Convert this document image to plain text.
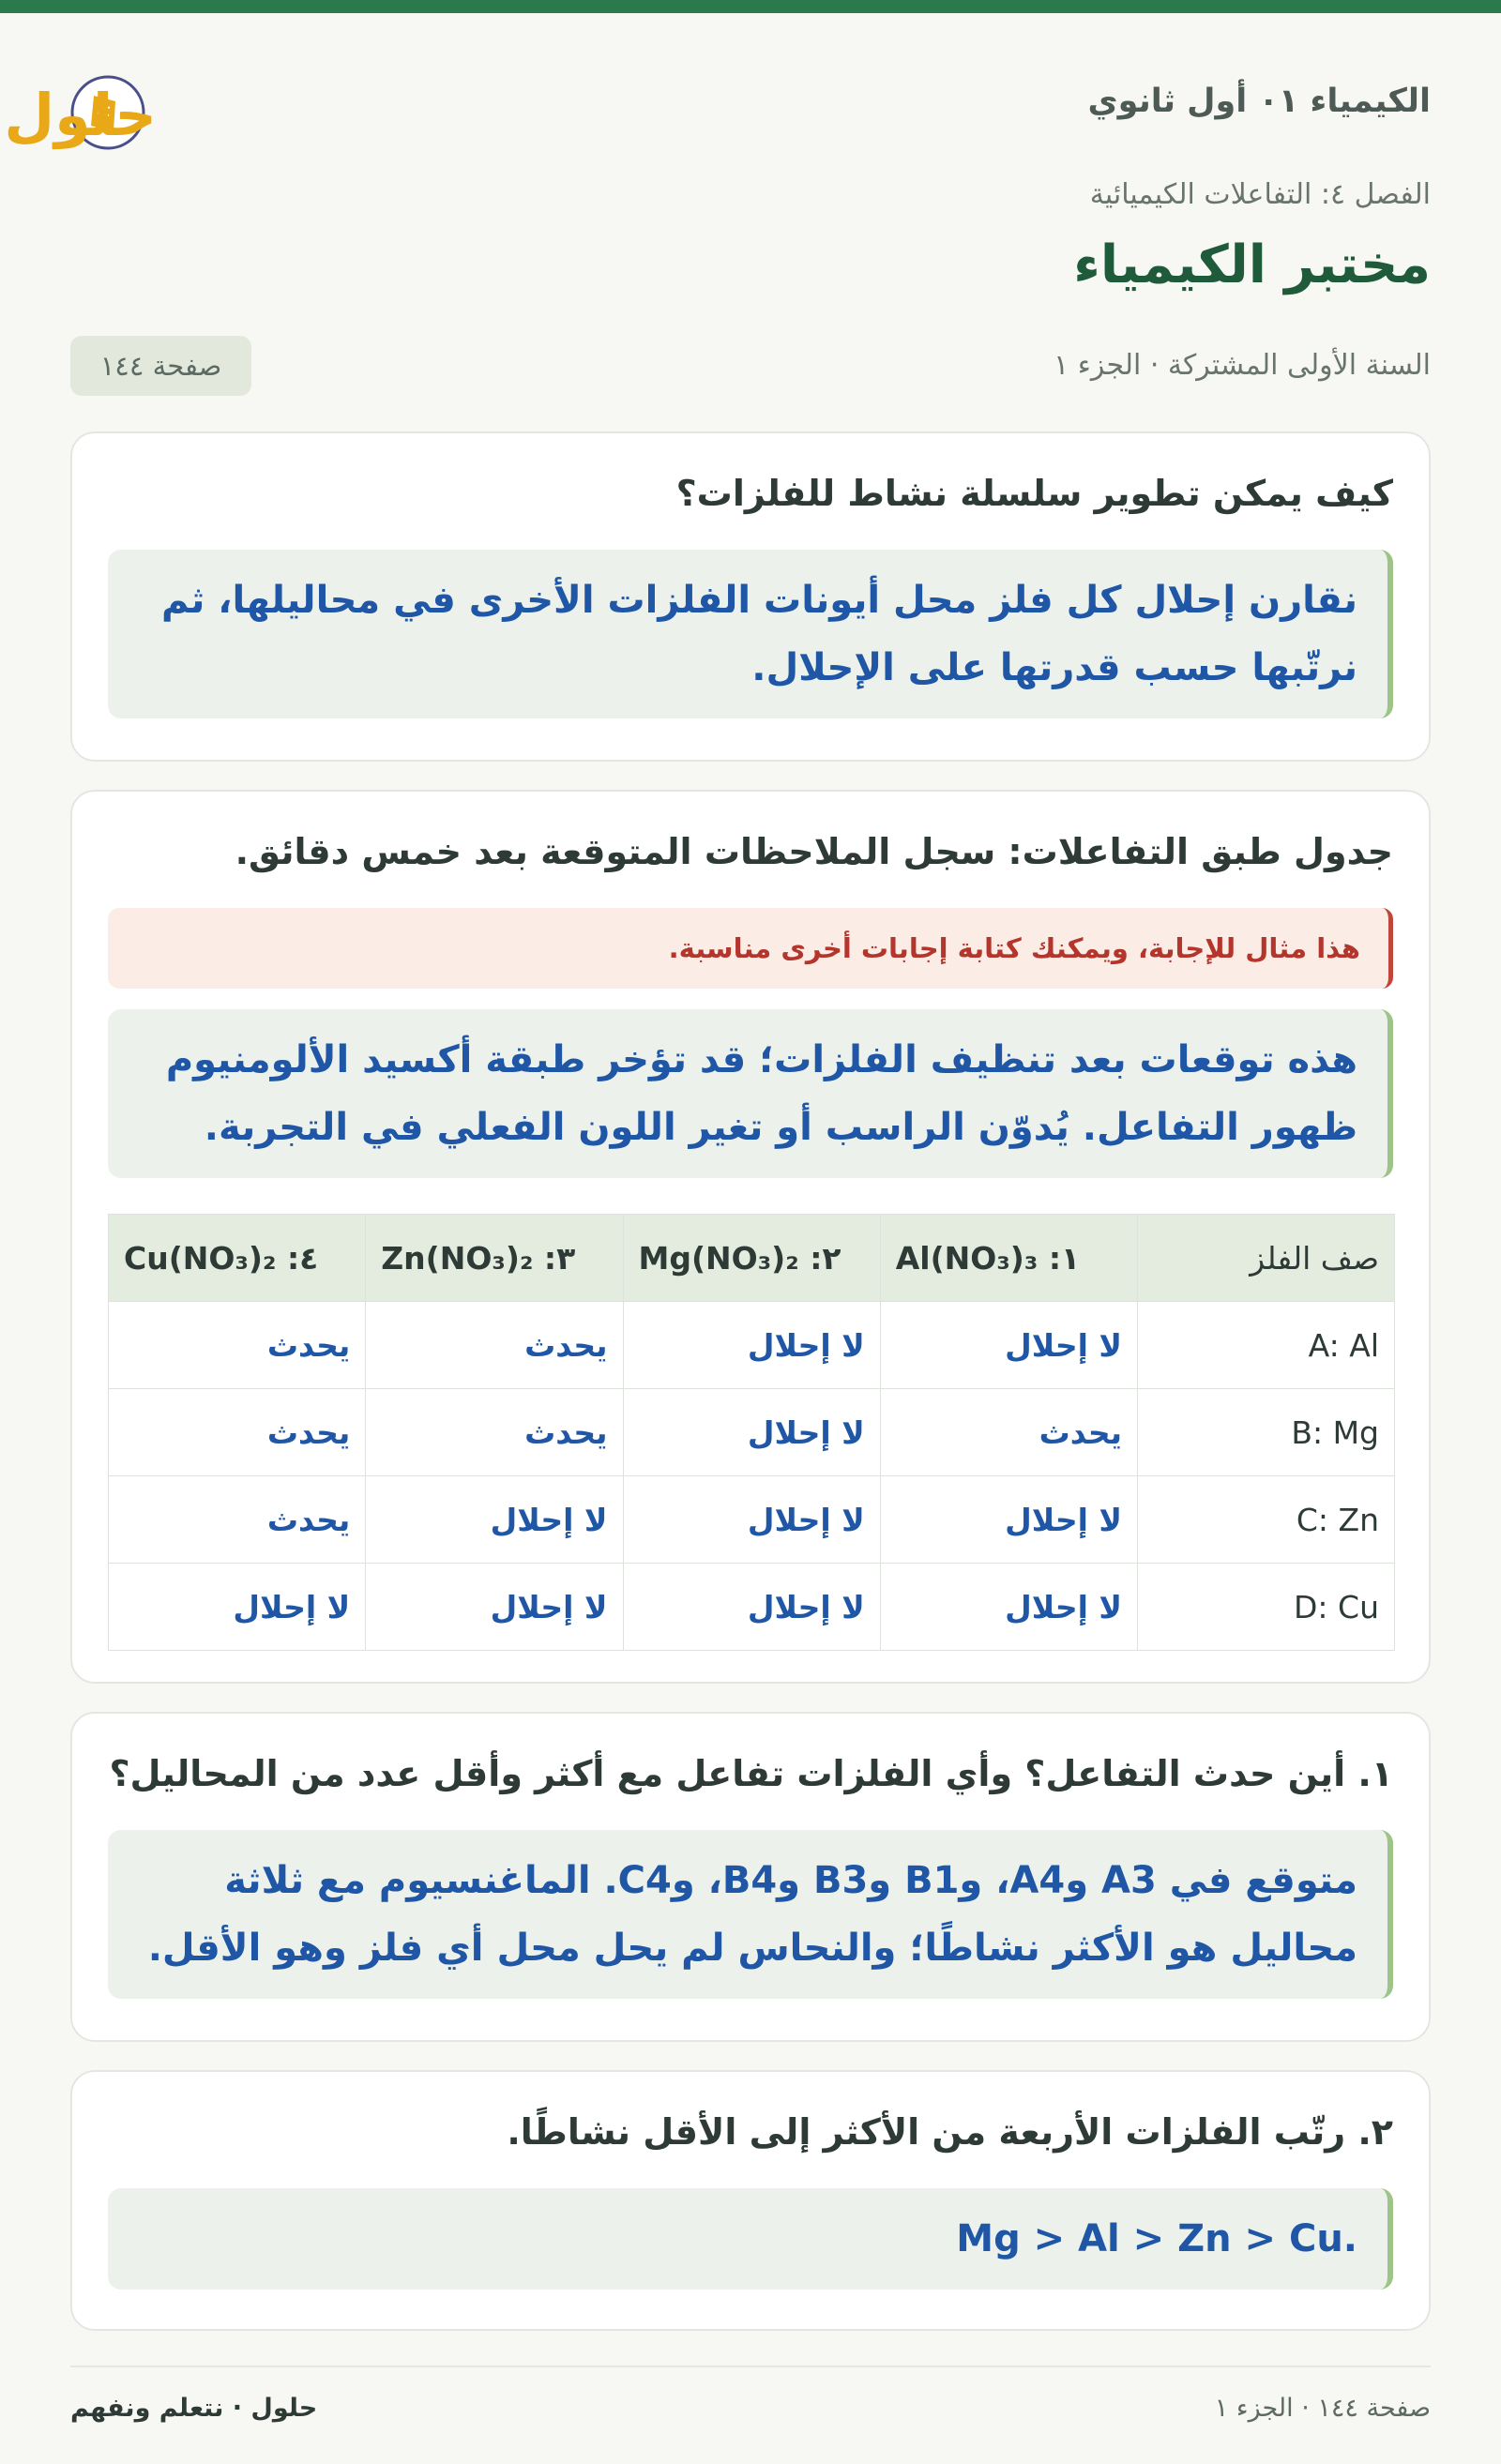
الكيمياء ٠١ أول ثانوي
حلول
الفصل ٤: التفاعلات الكيميائية
مختبر الكيمياء
السنة الأولى المشتركة · الجزء ١
صفحة ١٤٤
كيف يمكن تطوير سلسلة نشاط للفلزات؟
نقارن إحلال كل فلز محل أيونات الفلزات الأخرى في محاليلها، ثم نرتّبها حسب قدرتها على الإحلال.
جدول طبق التفاعلات: سجل الملاحظات المتوقعة بعد خمس دقائق.
هذا مثال للإجابة، ويمكنك كتابة إجابات أخرى مناسبة.
هذه توقعات بعد تنظيف الفلزات؛ قد تؤخر طبقة أكسيد الألومنيوم ظهور التفاعل. يُدوّن الراسب أو تغير اللون الفعلي في التجربة.
صف الفلز	Al(NO₃)₃ :١	Mg(NO₃)₂ :٢	Zn(NO₃)₂ :٣	Cu(NO₃)₂ :٤
A: Al	لا إحلال	لا إحلال	يحدث	يحدث
B: Mg	يحدث	لا إحلال	يحدث	يحدث
C: Zn	لا إحلال	لا إحلال	لا إحلال	يحدث
D: Cu	لا إحلال	لا إحلال	لا إحلال	لا إحلال
١. أين حدث التفاعل؟ وأي الفلزات تفاعل مع أكثر وأقل عدد من المحاليل؟
متوقع في A3 وA4، وB1 وB3 وB4، وC4. الماغنسيوم مع ثلاثة محاليل هو الأكثر نشاطًا؛ والنحاس لم يحل محل أي فلز وهو الأقل.
٢. رتّب الفلزات الأربعة من الأكثر إلى الأقل نشاطًا.
Mg > Al > Zn > Cu.
صفحة ١٤٤ · الجزء ١
حلول · نتعلم ونفهم
